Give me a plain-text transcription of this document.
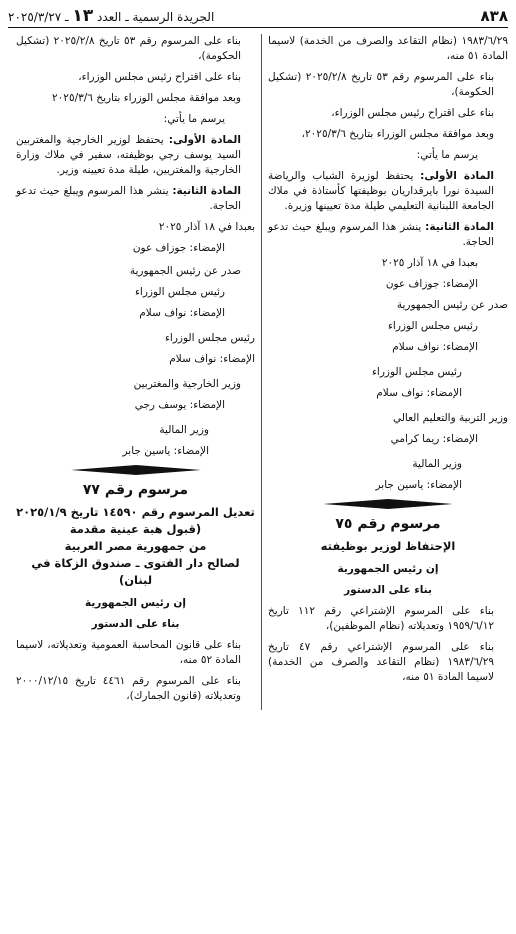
٨٣٨
الجريدة الرسمية ـ العدد ١٣ ـ ٢٠٢٥/٣/٢٧

١٩٨٣/٦/٢٩ (نظام التقاعد والصرف من الخدمة) لاسيما المادة ٥١ منه،

بناء على المرسوم رقم ٥٣ تاريخ ٢٠٢٥/٢/٨ (تشكيل الحكومة)،

بناء على اقتراح رئيس مجلس الوزراء،

وبعد موافقة مجلس الوزراء بتاريخ ٢٠٢٥/٣/٦،

يرسم ما يأتي:

المادة الأولى: يحتفظ لوزيرة الشباب والرياضة السيدة نورا بايرقداريان بوظيفتها كأستاذة في ملاك الجامعة اللبنانية التعليمي طيلة مدة تعيينها وزيرة.

المادة الثانية: ينشر هذا المرسوم ويبلغ حيث تدعو الحاجة.

بعبدا في ١٨ آذار ٢٠٢٥

الإمضاء: جوزاف عون

صدر عن رئيس الجمهورية

رئيس مجلس الوزراء

الإمضاء: نواف سلام

رئيس مجلس الوزراء

الإمضاء: نواف سلام

وزير التربية والتعليم العالي

الإمضاء: ريما كرامي

وزير المالية

الإمضاء: ياسين جابر

مرسوم رقم ٧٥
الإحتفاظ لوزير بوظيفته

إن رئيس الجمهورية

بناء على الدستور

بناء على المرسوم الإشتراعي رقم ١١٢ تاريخ ١٩٥٩/٦/١٢ وتعديلاته (نظام الموظفين)،

بناء على المرسوم الإشتراعي رقم ٤٧ تاريخ ١٩٨٣/٦/٢٩ (نظام التقاعد والصرف من الخدمة) لاسيما المادة ٥١ منه،

بناء على المرسوم رقم ٥٣ تاريخ ٢٠٢٥/٢/٨ (تشكيل الحكومة)،

بناء على اقتراح رئيس مجلس الوزراء،

وبعد موافقة مجلس الوزراء بتاريخ ٢٠٢٥/٣/٦

يرسم ما يأتي:

المادة الأولى: يحتفظ لوزير الخارجية والمغتربين السيد يوسف رجي بوظيفته، سفير في ملاك وزارة الخارجية والمغتربين، طيلة مدة تعيينه وزير.

المادة الثانية: ينشر هذا المرسوم ويبلغ حيث تدعو الحاجة.

بعبدا في ١٨ آذار ٢٠٢٥

الإمضاء: جوزاف عون

صدر عن رئيس الجمهورية

رئيس مجلس الوزراء

الإمضاء: نواف سلام

رئيس مجلس الوزراء

الإمضاء: نواف سلام

وزير الخارجية والمغتربين

الإمضاء: يوسف رجي

وزير المالية

الإمضاء: ياسين جابر

مرسوم رقم ٧٧
تعديل المرسوم رقم ١٤٥٩٠ تاريخ ٢٠٢٥/١/٩
(قبول هبة عينية مقدمة
من جمهورية مصر العربية
لصالح دار الفتوى ـ صندوق الزكاة في لبنان)

إن رئيس الجمهورية

بناء على الدستور

بناء على قانون المحاسبة العمومية وتعديلاته، لاسيما المادة ٥٢ منه،

بناء على المرسوم رقم ٤٤٦١ تاريخ ٢٠٠٠/١٢/١٥ وتعديلاته (قانون الجمارك)،
